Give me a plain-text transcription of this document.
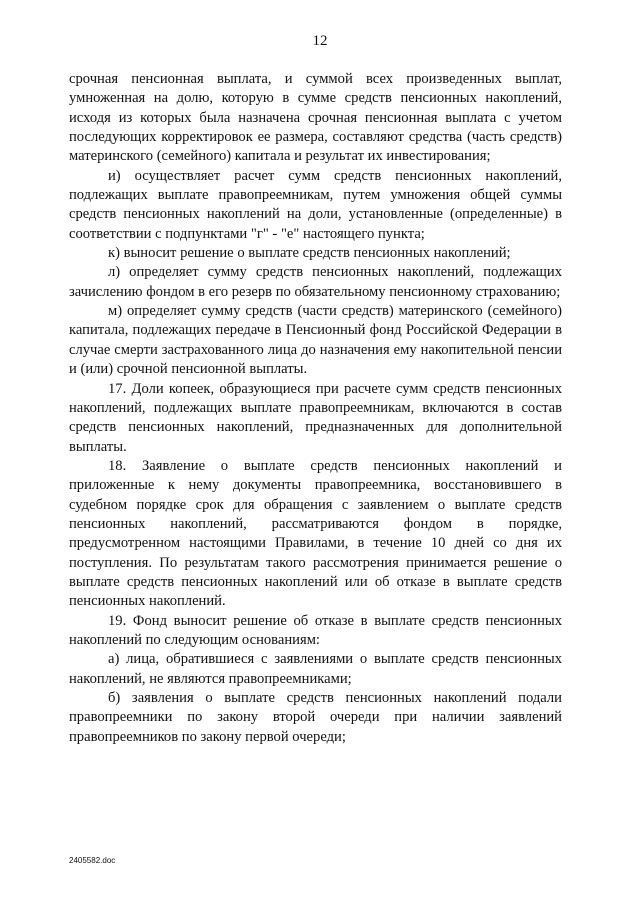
12

срочная пенсионная выплата, и суммой всех произведенных выплат, умноженная на долю, которую в сумме средств пенсионных накоплений, исходя из которых была назначена срочная пенсионная выплата с учетом последующих корректировок ее размера, составляют средства (часть средств) материнского (семейного) капитала и результат их инвестирования;

и) осуществляет расчет сумм средств пенсионных накоплений, подлежащих выплате правопреемникам, путем умножения общей суммы средств пенсионных накоплений на доли, установленные (определенные) в соответствии с подпунктами "г" - "е" настоящего пункта;

к) выносит решение о выплате средств пенсионных накоплений;

л) определяет сумму средств пенсионных накоплений, подлежащих зачислению фондом в его резерв по обязательному пенсионному страхованию;

м) определяет сумму средств (части средств) материнского (семейного) капитала, подлежащих передаче в Пенсионный фонд Российской Федерации в случае смерти застрахованного лица до назначения ему накопительной пенсии и (или) срочной пенсионной выплаты.

17. Доли копеек, образующиеся при расчете сумм средств пенсионных накоплений, подлежащих выплате правопреемникам, включаются в состав средств пенсионных накоплений, предназначенных для дополнительной выплаты.

18. Заявление о выплате средств пенсионных накоплений и приложенные к нему документы правопреемника, восстановившего в судебном порядке срок для обращения с заявлением о выплате средств пенсионных накоплений, рассматриваются фондом в порядке, предусмотренном настоящими Правилами, в течение 10 дней со дня их поступления. По результатам такого рассмотрения принимается решение о выплате средств пенсионных накоплений или об отказе в выплате средств пенсионных накоплений.

19. Фонд выносит решение об отказе в выплате средств пенсионных накоплений по следующим основаниям:

а) лица, обратившиеся с заявлениями о выплате средств пенсионных накоплений, не являются правопреемниками;

б) заявления о выплате средств пенсионных накоплений подали правопреемники по закону второй очереди при наличии заявлений правопреемников по закону первой очереди;

2405582.doc
